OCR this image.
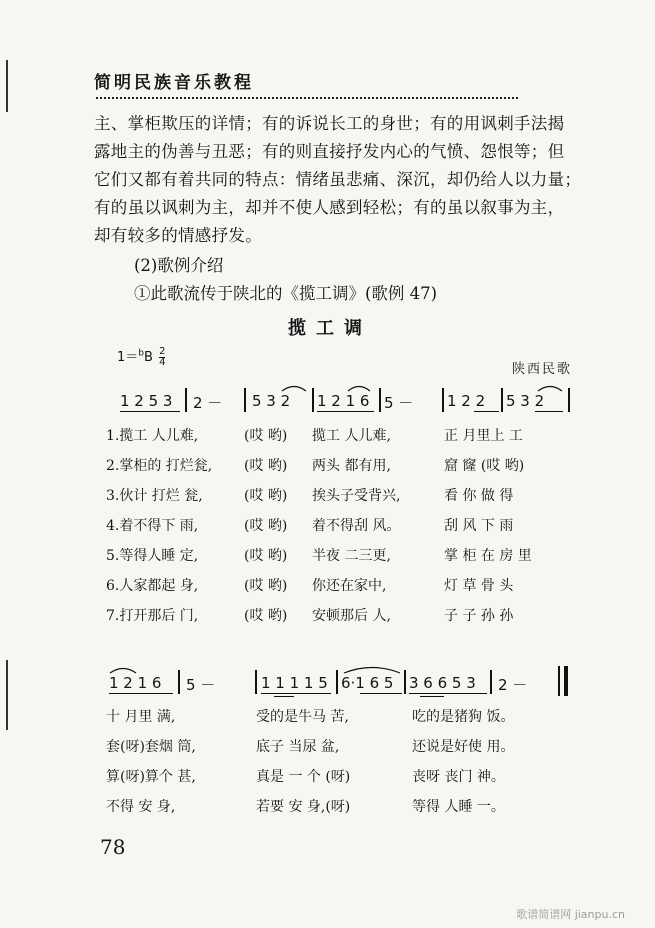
简明民族音乐教程

主、掌柜欺压的详情；有的诉说长工的身世；有的用讽刺手法揭

露地主的伪善与丑恶；有的则直接抒发内心的气愤、怨恨等；但

它们又都有着共同的特点：情绪虽悲痛、深沉，却仍给人以力量；

有的虽以讽刺为主，却并不使人感到轻松；有的虽以叙事为主，

却有较多的情感抒发。

(2)歌例介绍
①此歌流传于陕北的《揽工调》(歌例 47)
揽工调
$1=^bB \frac{2}{4}$
陕西民歌
1 2 5 3 2 － 5 3 2 1 2 1 6 5 － 1 2 2 5 3 2
1.揽工 人儿难,	(哎 哟) 揽工 人儿难,	正 月里上 工
2.掌柜的 打烂瓮, (哎 哟) 两头 都有用,	窟 窿 (哎 哟)
3.伙计 打烂 瓮,	(哎 哟) 挨头子受背兴,	看 你 做 得
4.着不得下 雨,	(哎 哟) 着不得刮 风。	刮 风 下 雨
5.等得人睡 定,	(哎 哟) 半夜 二三更,	掌 柜 在 房 里
6.人家都起 身,	(哎 哟) 你还在家中,	灯 草 骨 头
7.打开那后 门,	(哎 哟) 安顿那后 人,	子 子 孙 孙
1 2 1 6 5 －	1 1 1 1 5 6·1 6 5 3 6 6 5 3 2 －
十 月里 满,	受的是牛马 苦,	吃的是猪狗 饭。
套(呀)套烟 筒,	底子 当尿 盆,	还说是好使 用。
算(呀)算个 甚,	真是 一 个 (呀)	丧呀 丧门 神。
不得 安 身,	若要 安 身,(呀)	等得 人睡 一。
78
歌谱简谱网 jianpu.cn
